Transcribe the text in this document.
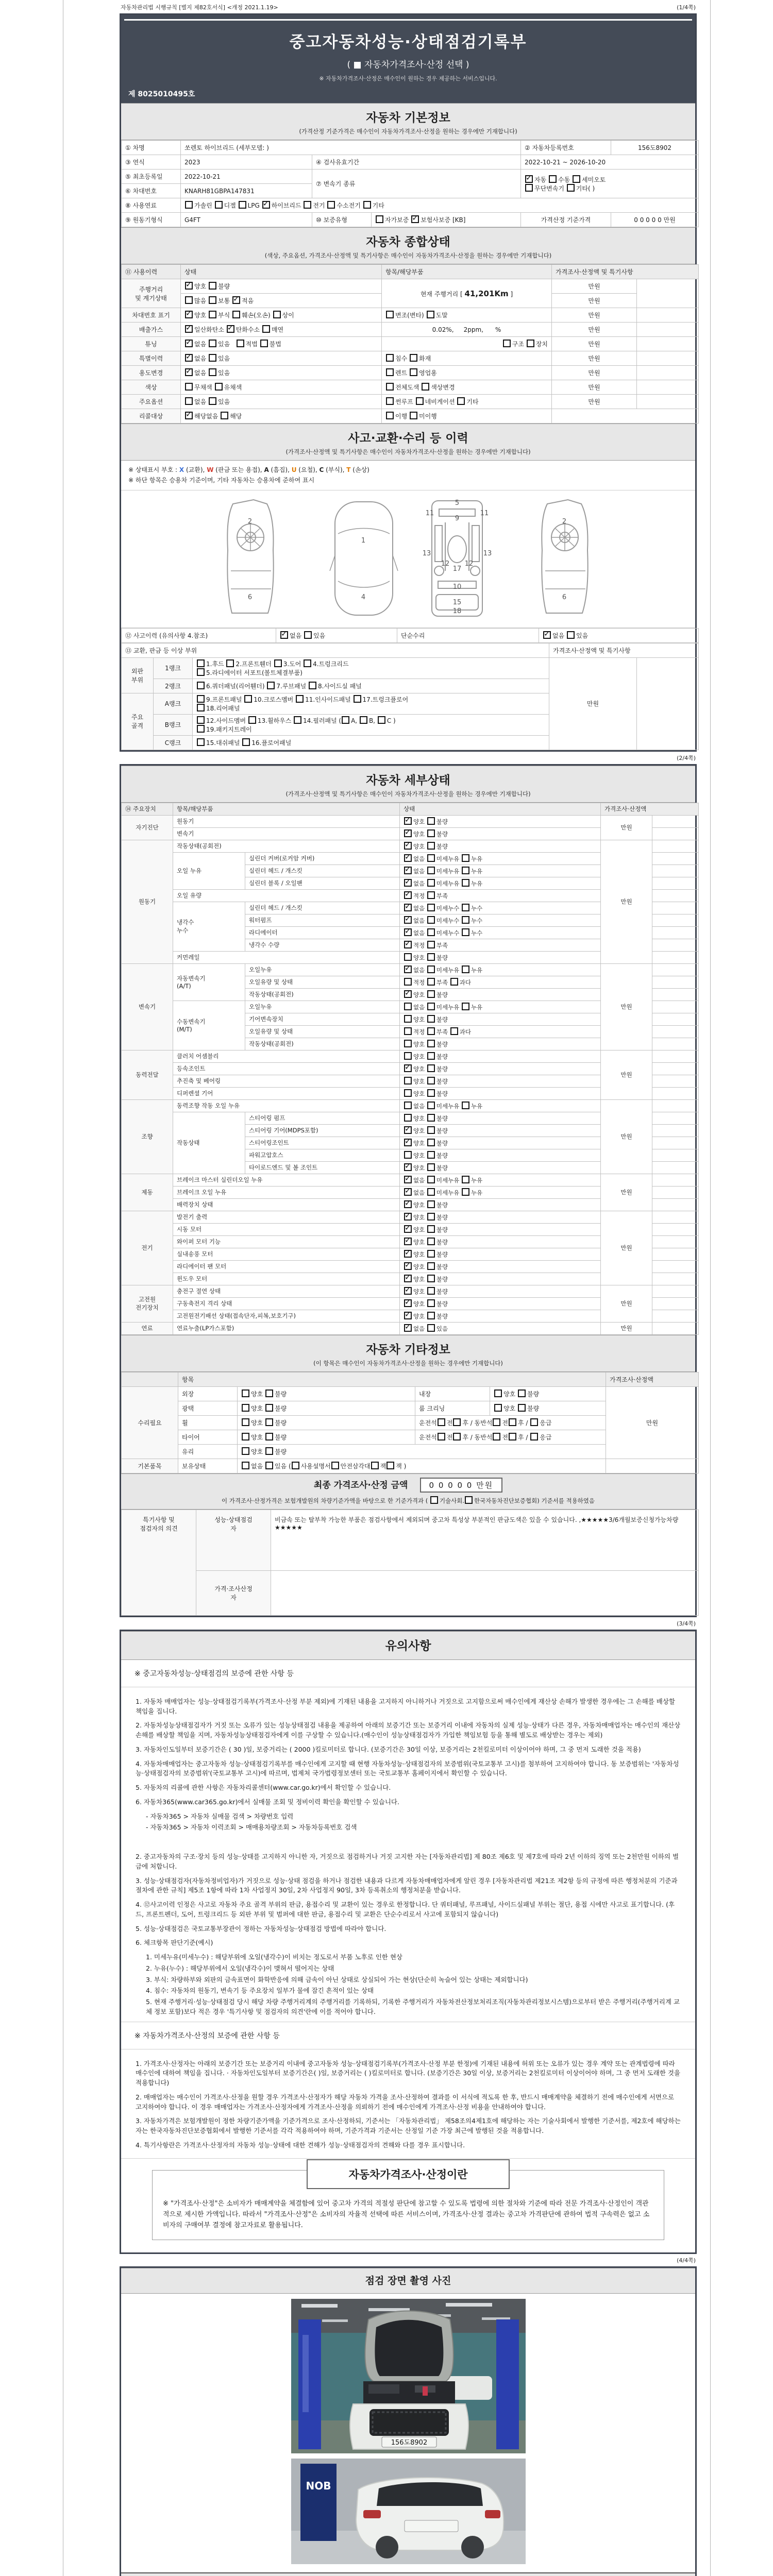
자동차관리법 시행규칙 [별지 제82호서식] <개정 2021.1.19>	(1/4쪽)
중고자동차성능·상태점검기록부
( ■ 자동차가격조사·산정 선택 )
※ 자동차가격조사·산정은 매수인이 원하는 경우 제공하는 서비스입니다.
제 8025010495호
자동차 기본정보
(가격산정 기준가격은 매수인이 자동차가격조사·산정을 원하는 경우에만 기재합니다)
① 차명	쏘렌토 하이브리드 (세부모델: )			② 자동차등록번호	156도8902
③ 연식	2023	④ 검사유효기간		2022-10-21 ~ 2026-10-20	
⑤ 최초등록일	2022-10-21	⑦ 변속기 종류	✓자동 수동 세미오토
무단변속기 기타( )
⑥ 차대번호	KNARH81GBPA147831				
⑧ 사용연료	가솔린 디젤 LPG ✓하이브리드 전기 수소전기 기타
⑨ 원동기형식	G4FT	⑩ 보증유형	자가보증 ✓보험사보증 [KB]	가격산정 기준가격	0 0 0 0 0 만원
자동차 종합상태
(색상, 주요옵션, 가격조사·산정액 및 특기사항은 매수인이 자동차가격조사·산정을 원하는 경우에만 기재합니다)
⑪ 사용이력	상태	항목/해당부품	가격조사·산정액 및 특기사항	
주행거리
및 계기상태	✓양호 불량	현재 주행거리 [ 41,201Km ]	만원	
	많음 보통 ✓적음		만원	
차대번호 표기	✓양호 부식 훼손(오손) 상이	변조(변타) 도말	만원	
배출가스	✓일산화탄소 ✓탄화수소 매연	0.02%,     2ppm,      %	만원	
튜닝	✓없음 있음   적법 불법	구조 장치	만원	
특별이력	✓없음 있음	침수 화재	만원	
용도변경	✓없음 있음	렌트 영업용	만원	
색상	무채색 유채색	전체도색 색상변경	만원	
주요옵션	없음 있음	썬루프 네비게이션 기타	만원	
리콜대상	✓해당없음 해당	이행 미이행		
사고·교환·수리 등 이력
(가격조사·산정액 및 특기사항은 매수인이 자동차가격조사·산정을 원하는 경우에만 기재합니다)
※ 상태표시 부호 : X (교환), W (판금 또는 용접), A (흠집), U (요철), C (부식), T (손상)
※ 하단 항목은 승용차 기준이며, 기타 자동차는 승용차에 준하여 표시
2
6
1
4
5
9
11	11
13	13
12 12
17
10
15
18
2
6
⑫ 사고이력 (유의사항 4.참조)	✓없음 있음	단순수리	✓없음 있음
⑬ 교환, 판금 등 이상 부위			가격조사·산정액 및 특기사항	
외판
부위	1랭크	1.후드 2.프론트휀더 3.도어 4.트렁크리드
5.라디에이터 서포트(볼트체결부품)	만원	
	2랭크	6.쿼더패널(리어휀더) 7.루브패널 8.사이드실 패널		
주요
골격	A랭크	9.프론트패널 10.크로스멤버 11.인사이드패널 17.트렁크플로어
18.리어패널		
	B랭크	12.사이드멤버 13.휠하우스 14.필러패널 ( A, B, C )
19.패키지트레이		
	C랭크	15.대쉬패널 16.플로어패널		
(2/4쪽)
자동차 세부상태
(가격조사·산정액 및 특기사항은 매수인이 자동차가격조사·산정을 원하는 경우에만 기재합니다)
⑭ 주요장치	항목/해당부품		상태	가격조사·산정액	
자기진단	원동기	✓양호 불량	만원	
	변속기	✓양호 불량	
원동기	작동상태(공회전)	✓양호 불량	만원	
	오일 누유	실린더 커버(로커암 커버)	✓없음 미세누유 누유	
		실린더 헤드 / 개스킷	✓없음 미세누유 누유	
		실린더 블록 / 오일팬	✓없음 미세누유 누유	
	오일 유량	✓적정 부족	
	냉각수
누수	실린더 헤드 / 개스킷	✓없음 미세누수 누수	
		워터펌프	✓없음 미세누수 누수	
		라디에이터	✓없음 미세누수 누수	
		냉각수 수량	✓적정 부족	
	커먼레일		양호 불량		
변속기	자동변속기
(A/T)	오일누유	✓없음 미세누유 누유	만원	
		오일유량 및 상태	적정 부족 과다		
		작동상태(공회전)	✓양호 불량	
	수동변속기
(M/T)	오일누유	없음 미세누유 누유		
		기어변속장치	양호 불량		
		오일유량 및 상태	적정 부족 과다		
		작동상태(공회전)	양호 불량		
동력전달	클러치 어셈블리		양호 불량	만원	
	등속조인트	✓양호 불량	
	추진축 및 베어링		양호 불량		
	디퍼렌셜 기어		양호 불량		
조향	동력조향 작동 오일 누유		없음 미세누유 누유	만원	
	작동상태	스티어링 펌프	양호 불량		
		스티어링 기어(MDPS포함)	✓양호 불량	
		스티어링조인트	✓양호 불량	
		파워고압호스	양호 불량		
		타이로드엔드 및 볼 조인트	✓양호 불량	
제동	브레이크 마스터 실린더오일 누유	✓없음 미세누유 누유	만원	
	브레이크 오일 누유	✓없음 미세누유 누유	
	배력장치 상태	✓양호 불량	
전기	발전기 출력	✓양호 불량	만원	
	시동 모터	✓양호 불량	
	와이퍼 모터 기능	✓양호 불량	
	실내송풍 모터	✓양호 불량	
	라디에이터 팬 모터	✓양호 불량	
	윈도우 모터	✓양호 불량	
고전원
전기장치	충전구 절연 상태	✓양호 불량	만원	
	구동축전지 격리 상태	✓양호 불량	
	고전원전기배선 상태(접속단자,피복,보호기구)	✓양호 불량	
연료	연료누출(LP가스포함)	✓없음 있음	만원	
자동차 기타정보
(이 항목은 매수인이 자동차가격조사·산정을 원하는 경우에만 기재합니다)
	항목				가격조사·산정액
수리필요	외장	양호 불량	내장	양호 불량	만원
	광택	양호 불량	룸 크리닝	양호 불량	
	휠	양호 불량	운전석 전 후 / 동반석 전 후 / 응급		
	타이어	양호 불량	운전석 전 후 / 동반석 전 후 / 응급		
	유리	양호 불량			
기본품목	보유상태	없음 있음 ( 사용설명서 안전삼각대 잭 잭 )			
최종 가격조사·산정 금액	0 0 0 0 0 만원
이 가격조사·산정가격은 보험개발원의 차량기준가액을 바탕으로 한 기준가격과 ( 기술사회. 한국자동차진단보증협회) 기준서를 적용하였음
특기사항 및
점검자의 의견	성능·상태점검
자	비금속 또는 탈부착 가능한 부품은 점검사항에서 제외되며 중고차 특성상 부분적인 판금도색은 있을 수 있습니다. ,★★★★★3/6개월보증신청가능차량★★★★★
	가격·조사산정
자	
(3/4쪽)
유의사항
※ 중고자동차성능·상태점검의 보증에 관한 사항 등
1. 자동차 매매업자는 성능·상태점검기록부(가격조사·산정 부분 제외)에 기재된 내용을 고지하지 아니하거나 거짓으로 고지함으로써 매수인에게 재산상 손해가 발생한 경우에는 그 손해를 배상할 책임을 집니다.
2. 자동차성능상태점검자가 거짓 또는 오류가 있는 성능상태점검 내용을 제공하여 아래의 보증기간 또는 보증거리 이내에 자동차의 실제 성능·상태가 다른 경우, 자동차매매업자는 매수인의 재산상 손해를 배상할 책임을 지며, 자동차성능상태점검자에게 이를 구상할 수 있습니다.(매수인이 성능상태점검자가 가입한 책임보험 등을 통해 별도로 배상받는 경우는 제외)
3. 자동차인도일부터 보증기간은 ( 30 )일, 보증거리는 ( 2000 )킬로미터로 합니다. (보증기간은 30일 이상, 보증거리는 2천킬로미터 이상이어야 하며, 그 중 먼저 도래한 것을 적용)
4. 자동차매매업자는 중고자동차 성능·상태점검기록부를 매수인에게 고지할 때 현행 자동차성능·상태점검자의 보증범위(국토교통부 고시)를 첨부하여 고지하여야 합니다. 동 보증범위는 '자동차성능·상태점검자의 보증범위'(국토교통부 고시)에 따르며, 법제처 국가법령정보센터 또는 국토교통부 홈페이지에서 확인할 수 있습니다.
5. 자동차의 리콜에 관한 사항은 자동차리콜센터(www.car.go.kr)에서 확인할 수 있습니다.
6. 자동차365(www.car365.go.kr)에서 실매물 조회 및 정비이력 확인을 확인할 수 있습니다.
- 자동차365 > 자동차 실매물 검색 > 차량번호 입력
- 자동차365 > 자동차 이력조회 > 매매용차량조회 > 자동차등록번호 검색
2. 중고자동차의 구조·장치 등의 성능·상태를 고지하지 아니한 자, 거짓으로 점검하거나 거짓 고지한 자는 [자동차관리법] 제 80조 제6호 및 제7호에 따라 2년 이하의 징역 또는 2천만원 이하의 벌금에 처합니다.
3. 성능·상태점검자(자동차정비업자)가 거짓으로 성능·상태 점검을 하거나 점검한 내용과 다르게 자동차매매업자에게 알린 경우 [자동차관리법 제21조 제2항 등의 규정에 따른 행정처분의 기준과 절차에 관한 규칙] 제5조 1항에 따라 1차 사업정지 30일, 2차 사업정지 90일, 3차 등록취소의 행정처분을 받습니다.
4. ⑫사고이력 인정은 사고로 자동차 주요 골격 부위의 판금, 용접수리 및 교환이 있는 경우로 한정합니다. 단 쿼터패널, 루프패널, 사이드실패널 부위는 절단, 용접 시에만 사고로 표기합니다. (후드, 프론트펜더, 도어, 트렁크리드 등 외판 부위 및 범퍼에 대한 판금, 용접수리 및 교환은 단순수리로서 사고에 포함되지 않습니다)
5. 성능·상태점검은 국토교통부장관이 정하는 자동차성능·상태점검 방법에 따라야 합니다.
6. 체크항목 판단기준(예시)
1. 미세누유(미세누수) : 해당부위에 오일(냉각수)이 비치는 정도로서 부품 노후로 인한 현상
2. 누유(누수) : 해당부위에서 오일(냉각수)이 맺혀서 떨어지는 상태
3. 부식: 차량하부와 외판의 금속표면이 화학반응에 의해 금속이 아닌 상태로 상실되어 가는 현상(단순히 녹슬어 있는 상태는 제외합니다)
4. 침수: 자동차의 원동기, 변속기 등 주요장치 일부가 물에 잠긴 흔적이 있는 상태
5. 현재 주행거리·성능·상태점검 당시 해당 차량 주행거리계의 주행거리를 기록하되, 기록한 주행거리가 자동차전산정보처리조직(자동차관리정보시스템)으로부터 받은 주행거리(주행거리계 교체 정보 포함)보다 적은 경우 '특기사항 및 점검자의 의견'란에 이를 적어야 합니다.
※ 자동차가격조사·산정의 보증에 관한 사항 등
1. 가격조사·산정자는 아래의 보증기간 또는 보증거리 이내에 중고자동차 성능·상태점검기록부(가격조사·산정 부분 한정)에 기재된 내용에 허위 또는 오류가 있는 경우 계약 또는 관계법령에 따라 매수인에 대하여 책임을 집니다. · 자동차인도일부터 보증기간은( )일, 보증거리는 ( )킬로미터로 합니다. (보증기간은 30일 이상, 보증거리는 2천킬로미터 이상이어야 하며, 그 중 먼저 도래한 것을 적용합니다)
2. 매매업자는 매수인이 가격조사·산정을 원할 경우 가격조사·산정자가 해당 자동차 가격을 조사·산정하여 결과를 이 서식에 적도록 한 후, 반드시 매매계약을 체결하기 전에 매수인에게 서면으로 고지하여야 합니다. 이 경우 매매업자는 가격조사·산정자에게 가격조사·산정을 의뢰하기 전에 매수인에게 가격조사·산정 비용을 안내하여야 합니다.
3. 자동차가격은 보험개발원이 정한 차량기준가액을 기준가격으로 조사·산정하되, 기준서는 「자동차관리법」 제58조의4제1호에 해당하는 자는 기술사회에서 발행한 기준서를, 제2호에 해당하는 자는 한국자동차진단보증협회에서 발행한 기준서를 각각 적용하여야 하며, 기준가격과 기준서는 산정일 기준 가장 최근에 발행된 것을 적용합니다.
4. 특기사항란은 가격조사·산정자의 자동차 성능·상태에 대한 견해가 성능·상태점검자의 견해와 다를 경우 표시합니다.
자동차가격조사·산정이란
※ "가격조사·산정"은 소비자가 매매계약을 체결함에 있어 중고차 가격의 적절성 판단에 참고할 수 있도록 법령에 의한 절차와 기준에 따라 전문 가격조사·산정인이 객관적으로 제시한 가액입니다. 따라서 "가격조사·산정"은 소비자의 자율적 선택에 따른 서비스이며, 가격조사·산정 결과는 중고차 가격판단에 관하여 법적 구속력은 없고 소비자의 구매여부 결정에 참고자료로 활용됩니다.
(4/4쪽)
점검 장면 촬영 사진
156도8902
NOB
